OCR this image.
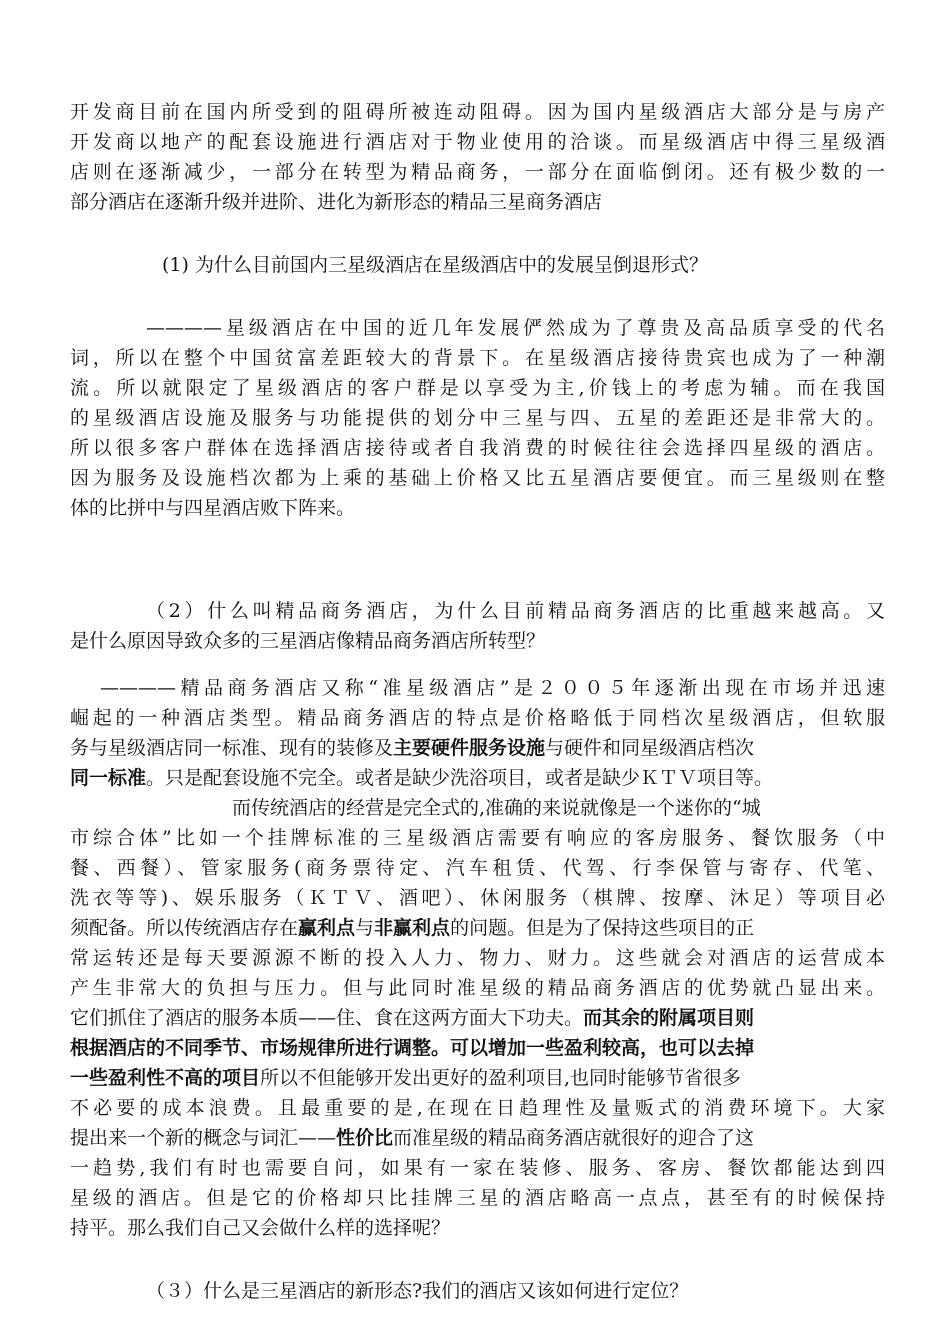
开发商目前在国内所受到的阻碍所被连动阻碍。因为国内星级酒店大部分是与房产
开发商以地产的配套设施进行酒店对于物业使用的洽谈。而星级酒店中得三星级酒
店则在逐渐减少，一部分在转型为精品商务，一部分在面临倒闭。还有极少数的一
部分酒店在逐渐升级并进阶、进化为新形态的精品三星商务酒店
(1) 为什么目前国内三星级酒店在星级酒店中的发展呈倒退形式？
————星级酒店在中国的近几年发展俨然成为了尊贵及高品质享受的代名
词，所以在整个中国贫富差距较大的背景下。在星级酒店接待贵宾也成为了一种潮
流。所以就限定了星级酒店的客户群是以享受为主,价钱上的考虑为辅。而在我国
的星级酒店设施及服务与功能提供的划分中三星与四、五星的差距还是非常大的。
所以很多客户群体在选择酒店接待或者自我消费的时候往往会选择四星级的酒店。
因为服务及设施档次都为上乘的基础上价格又比五星酒店要便宜。而三星级则在整
体的比拼中与四星酒店败下阵来。
（2）什么叫精品商务酒店，为什么目前精品商务酒店的比重越来越高。又
是什么原因导致众多的三星酒店像精品商务酒店所转型？
————精品商务酒店又称“准星级酒店”是２００５年逐渐出现在市场并迅速
崛起的一种酒店类型。精品商务酒店的特点是价格略低于同档次星级酒店，但软服
务与星级酒店同一标准、现有的装修及主要硬件服务设施与硬件和同星级酒店档次
同一标准。只是配套设施不完全。或者是缺少洗浴项目，或者是缺少ＫＴＶ项目等。
而传统酒店的经营是完全式的,准确的来说就像是一个迷你的“城
市综合体”比如一个挂牌标准的三星级酒店需要有响应的客房服务、餐饮服务（中
餐、西餐）、管家服务(商务票待定、汽车租赁、代驾、行李保管与寄存、代笔、
洗衣等等)、娱乐服务（ＫＴＶ、酒吧）、休闲服务（棋牌、按摩、沐足）等项目必
须配备。所以传统酒店存在赢利点与非赢利点的问题。但是为了保持这些项目的正
常运转还是每天要源源不断的投入人力、物力、财力。这些就会对酒店的运营成本
产生非常大的负担与压力。但与此同时准星级的精品商务酒店的优势就凸显出来。
它们抓住了酒店的服务本质——住、食在这两方面大下功夫。而其余的附属项目则
根据酒店的不同季节、市场规律所进行调整。可以增加一些盈利较高，也可以去掉
一些盈利性不高的项目所以不但能够开发出更好的盈利项目,也同时能够节省很多
不必要的成本浪费。且最重要的是,在现在日趋理性及量贩式的消费环境下。大家
提出来一个新的概念与词汇——性价比而准星级的精品商务酒店就很好的迎合了这
一趋势,我们有时也需要自问，如果有一家在装修、服务、客房、餐饮都能达到四
星级的酒店。但是它的价格却只比挂牌三星的酒店略高一点点，甚至有的时候保持
持平。那么我们自己又会做什么样的选择呢？
（３）什么是三星酒店的新形态?我们的酒店又该如何进行定位？
